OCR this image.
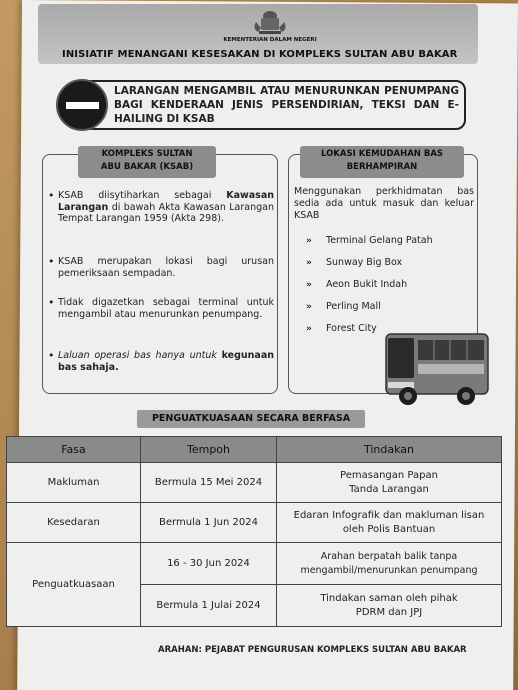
KEMENTERIAN DALAM NEGERI
INISIATIF MENANGANI KESESAKAN DI KOMPLEKS SULTAN ABU BAKAR
LARANGAN MENGAMBIL ATAU MENURUNKAN PENUMPANG BAGI KENDERAAN JENIS PERSENDIRIAN, TEKSI DAN E-HAILING DI KSAB
KOMPLEKS SULTAN
ABU BAKAR (KSAB)
• KSAB diisytiharkan sebagai Kawasan Larangan di bawah Akta Kawasan Larangan Tempat Larangan 1959 (Akta 298).
• KSAB merupakan lokasi bagi urusan pemeriksaan sempadan.
• Tidak digazetkan sebagai terminal untuk mengambil atau menurunkan penumpang.
• Laluan operasi bas hanya untuk kegunaan bas sahaja.
LOKASI KEMUDAHAN BAS
BERHAMPIRAN
Menggunakan perkhidmatan bas sedia ada untuk masuk dan keluar KSAB
» Terminal Gelang Patah
» Sunway Big Box
» Aeon Bukit Indah
» Perling Mall
» Forest City
PENGUATKUASAAN SECARA BERFASA
Fasa	Tempoh	Tindakan
Makluman	Bermula 15 Mei 2024	Pemasangan Papan Tanda Larangan
Kesedaran	Bermula 1 Jun 2024	Edaran Infografik dan makluman lisan oleh Polis Bantuan
Penguatkuasaan	16 - 30 Jun 2024	Arahan berpatah balik tanpa mengambil/menurunkan penumpang
	Bermula 1 Julai 2024	Tindakan saman oleh pihak PDRM dan JPJ
ARAHAN: PEJABAT PENGURUSAN KOMPLEKS SULTAN ABU BAKAR
